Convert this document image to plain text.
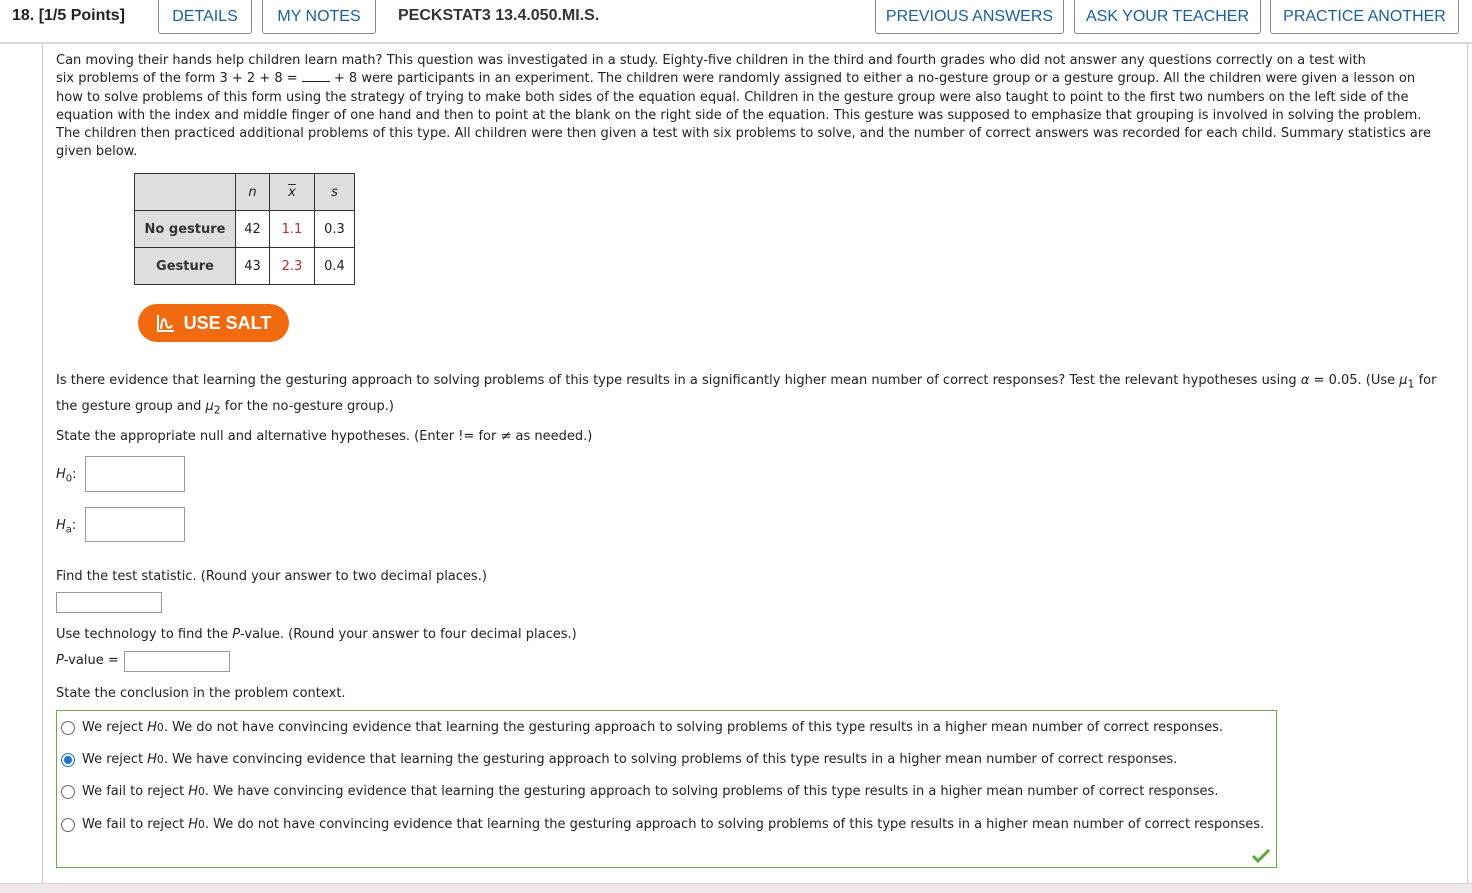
18. [1/5 Points]	DETAILS	MY NOTES	PECKSTAT3 13.4.050.MI.S.	PREVIOUS ANSWERS	ASK YOUR TEACHER	PRACTICE ANOTHER
Can moving their hands help children learn math? This question was investigated in a study. Eighty-five children in the third and fourth grades who did not answer any questions correctly on a test with
six problems of the form 3 + 2 + 8 =  + 8 were participants in an experiment. The children were randomly assigned to either a no-gesture group or a gesture group. All the children were given a lesson on
how to solve problems of this form using the strategy of trying to make both sides of the equation equal. Children in the gesture group were also taught to point to the first two numbers on the left side of the
equation with the index and middle finger of one hand and then to point at the blank on the right side of the equation. This gesture was supposed to emphasize that grouping is involved in solving the problem.
The children then practiced additional problems of this type. All children were then given a test with six problems to solve, and the number of correct answers was recorded for each child. Summary statistics are
given below.
	n	$\overline{x}$	s
No gesture	42	1.1	0.3
Gesture	43	2.3	0.4
USE SALT
Is there evidence that learning the gesturing approach to solving problems of this type results in a significantly higher mean number of correct responses? Test the relevant hypotheses using α = 0.05. (Use $\mu_1$ for
the gesture group and $\mu_2$ for the no-gesture group.)
State the appropriate null and alternative hypotheses. (Enter != for ≠ as needed.)
$H_0$:
$H_a$:
Find the test statistic. (Round your answer to two decimal places.)
Use technology to find the P-value. (Round your answer to four decimal places.)
P-value =
State the conclusion in the problem context.
We reject H 0 . We do not have convincing evidence that learning the gesturing approach to solving problems of this type results in a higher mean number of correct responses.
We reject H 0 . We have convincing evidence that learning the gesturing approach to solving problems of this type results in a higher mean number of correct responses.
We fail to reject H 0 . We have convincing evidence that learning the gesturing approach to solving problems of this type results in a higher mean number of correct responses.
We fail to reject H 0 . We do not have convincing evidence that learning the gesturing approach to solving problems of this type results in a higher mean number of correct responses.
